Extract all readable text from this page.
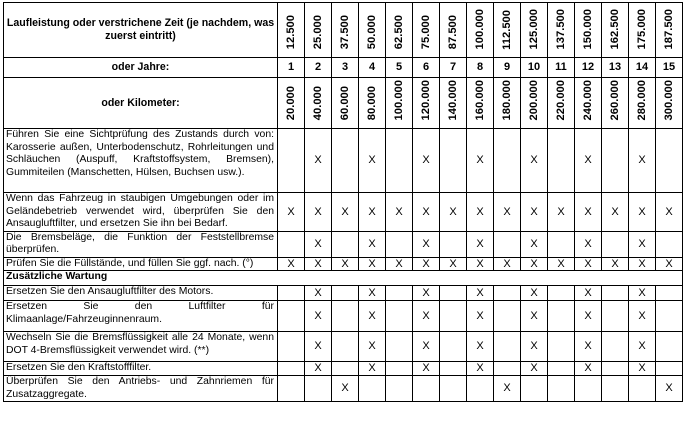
Laufleistung oder verstrichene Zeit (je nachdem, was zuerst eintritt)	12.500	25.000	37.500	50.000	62.500	75.000	87.500	100.000	112.500	125.000	137.500	150.000	162.500	175.000	187.500
oder Jahre:	1	2	3	4	5	6	7	8	9	10	11	12	13	14	15
oder Kilometer:	20.000	40.000	60.000	80.000	100.000	120.000	140.000	160.000	180.000	200.000	220.000	240.000	260.000	280.000	300.000
Führen Sie eine Sichtprüfung des Zustands durch von: Karosserie außen, Unterbodenschutz, Rohrleitungen und Schläuchen (Auspuff, Kraftstoffsystem, Bremsen), Gummiteilen (Manschetten, Hülsen, Buchsen usw.).		X		X		X		X		X		X		X	
Wenn das Fahrzeug in staubigen Umgebungen oder im Geländebetrieb verwendet wird, überprüfen Sie den Ansaugluftfilter, und ersetzen Sie ihn bei Bedarf.	X	X	X	X	X	X	X	X	X	X	X	X	X	X	X
Die Bremsbeläge, die Funktion der Feststellbremse überprüfen.		X		X		X		X		X		X		X	
Prüfen Sie die Füllstände, und füllen Sie ggf. nach. (°)	X	X	X	X	X	X	X	X	X	X	X	X	X	X	X
Zusätzliche Wartung															
Ersetzen Sie den Ansaugluftfilter des Motors.		X		X		X		X		X		X		X	
Ersetzen Sie den Luftfilter für Klimaanlage/Fahrzeuginnenraum.		X		X		X		X		X		X		X	
Wechseln Sie die Bremsflüssigkeit alle 24 Monate, wenn DOT 4-Bremsflüssigkeit verwendet wird. (**)		X		X		X		X		X		X		X	
Ersetzen Sie den Kraftstofffilter.		X		X		X		X		X		X		X	
Überprüfen Sie den Antriebs- und Zahnriemen für Zusatzaggregate.			X						X						X
